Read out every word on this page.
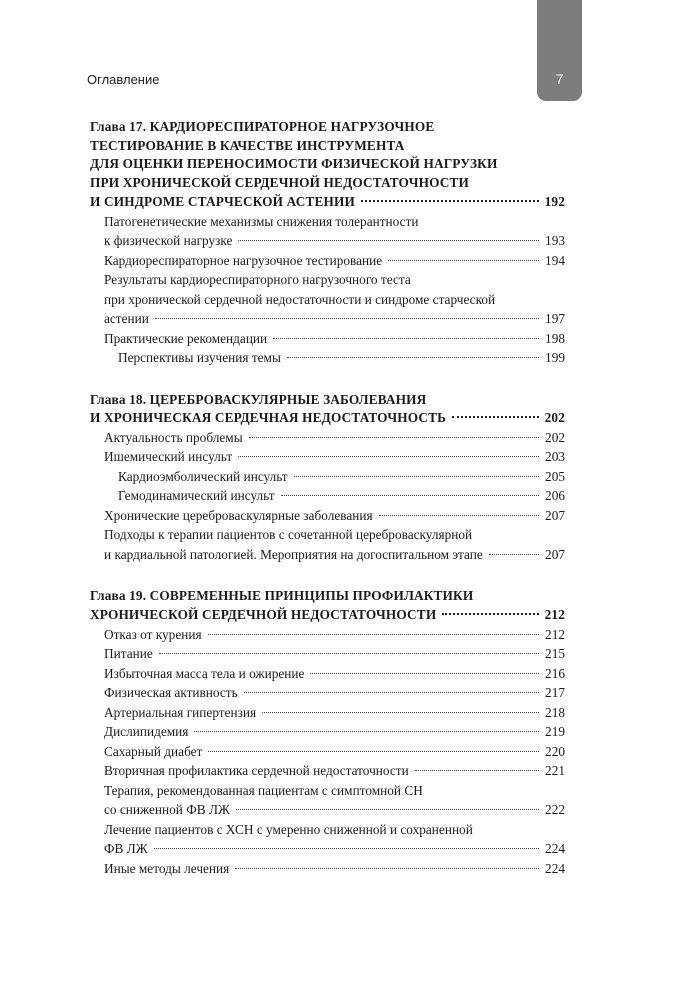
7
Оглавление
Глава 17. КАРДИОРЕСПИРАТОРНОЕ НАГРУЗОЧНОЕ
ТЕСТИРОВАНИЕ В КАЧЕСТВЕ ИНСТРУМЕНТА
ДЛЯ ОЦЕНКИ ПЕРЕНОСИМОСТИ ФИЗИЧЕСКОЙ НАГРУЗКИ
ПРИ ХРОНИЧЕСКОЙ СЕРДЕЧНОЙ НЕДОСТАТОЧНОСТИ
И СИНДРОМЕ СТАРЧЕСКОЙ АСТЕНИИ	192
Патогенетические механизмы снижения толерантности
к физической нагрузке	193
Кардиореспираторное нагрузочное тестирование	194
Результаты кардиореспираторного нагрузочного теста
при хронической сердечной недостаточности и синдроме старческой
астении	197
Практические рекомендации	198
Перспективы изучения темы	199
Глава 18. ЦЕРЕБРОВАСКУЛЯРНЫЕ ЗАБОЛЕВАНИЯ
И ХРОНИЧЕСКАЯ СЕРДЕЧНАЯ НЕДОСТАТОЧНОСТЬ	202
Актуальность проблемы	202
Ишемический инсульт	203
Кардиоэмболический инсульт	205
Гемодинамический инсульт	206
Хронические цереброваскулярные заболевания	207
Подходы к терапии пациентов с сочетанной цереброваскулярной
и кардиальной патологией. Мероприятия на догоспитальном этапе	207
Глава 19. СОВРЕМЕННЫЕ ПРИНЦИПЫ ПРОФИЛАКТИКИ
ХРОНИЧЕСКОЙ СЕРДЕЧНОЙ НЕДОСТАТОЧНОСТИ	212
Отказ от курения	212
Питание	215
Избыточная масса тела и ожирение	216
Физическая активность	217
Артериальная гипертензия	218
Дислипидемия	219
Сахарный диабет	220
Вторичная профилактика сердечной недостаточности	221
Терапия, рекомендованная пациентам с симптомной СН
со сниженной ФВ ЛЖ	222
Лечение пациентов с ХСН с умеренно сниженной и сохраненной
ФВ ЛЖ	224
Иные методы лечения	224
